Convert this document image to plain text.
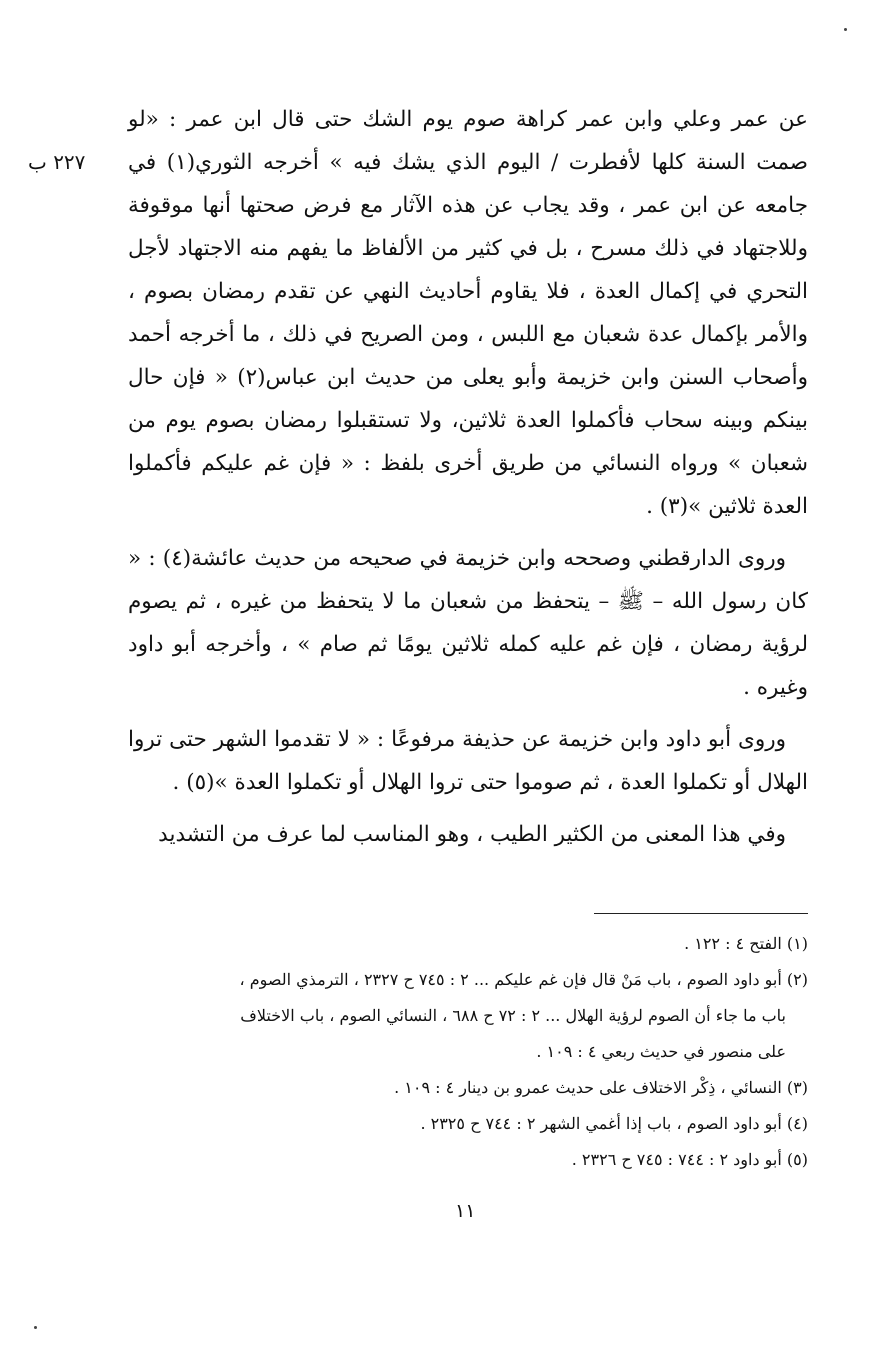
٢٢٧ ب

عن عمر وعلي وابن عمر كراهة صوم يوم الشك حتى قال ابن عمر : «لو صمت السنة كلها لأفطرت / اليوم الذي يشك فيه » أخرجه الثوري(١) في جامعه عن ابن عمر ، وقد يجاب عن هذه الآثار مع فرض صحتها أنها موقوفة وللاجتهاد في ذلك مسرح ، بل في كثير من الألفاظ ما يفهم منه الاجتهاد لأجل التحري في إكمال العدة ، فلا يقاوم أحاديث النهي عن تقدم رمضان بصوم ، والأمر بإكمال عدة شعبان مع اللبس ، ومن الصريح في ذلك ، ما أخرجه أحمد وأصحاب السنن وابن خزيمة وأبو يعلى من حديث ابن عباس(٢) « فإن حال بينكم وبينه سحاب فأكملوا العدة ثلاثين، ولا تستقبلوا رمضان بصوم يوم من شعبان » ورواه النسائي من طريق أخرى بلفظ : « فإن غم عليكم فأكملوا العدة ثلاثين »(٣) .

وروى الدارقطني وصححه وابن خزيمة في صحيحه من حديث عائشة(٤) : « كان رسول الله – ﷺ – يتحفظ من شعبان ما لا يتحفظ من غيره ، ثم يصوم لرؤية رمضان ، فإن غم عليه كمله ثلاثين يومًا ثم صام » ، وأخرجه أبو داود وغيره .

وروى أبو داود وابن خزيمة عن حذيفة مرفوعًا : « لا تقدموا الشهر حتى تروا الهلال أو تكملوا العدة ، ثم صوموا حتى تروا الهلال أو تكملوا العدة »(٥) .

وفي هذا المعنى من الكثير الطيب ، وهو المناسب لما عرف من التشديد

(١) الفتح ٤ : ١٢٢ .

(٢) أبو داود الصوم ، باب مَنْ قال فإن غم عليكم ... ٢ : ٧٤٥ ح ٢٣٢٧ ، الترمذي الصوم ،

باب ما جاء أن الصوم لرؤية الهلال ... ٢ : ٧٢ ح ٦٨٨ ، النسائي الصوم ، باب الاختلاف

على منصور في حديث ربعي ٤ : ١٠٩ .

(٣) النسائي ، ذِكْر الاختلاف على حديث عمرو بن دينار ٤ : ١٠٩ .

(٤) أبو داود الصوم ، باب إذا أغمي الشهر ٢ : ٧٤٤ ح ٢٣٢٥ .

(٥) أبو داود ٢ : ٧٤٤ : ٧٤٥ ح ٢٣٢٦ .

١١
